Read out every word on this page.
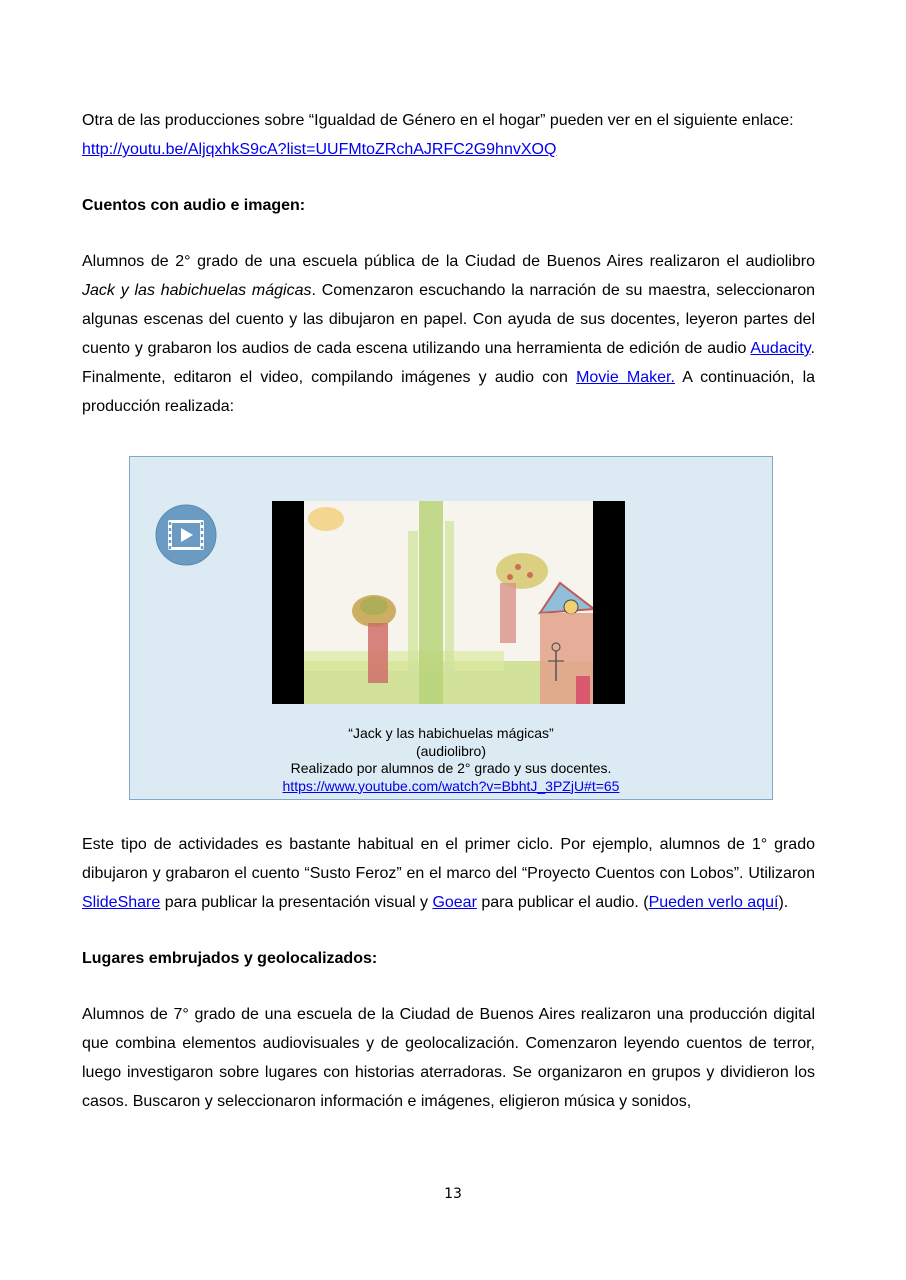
Otra de las producciones sobre “Igualdad de Género en el hogar” pueden ver en el siguiente enlace:
http://youtu.be/AljqxhkS9cA?list=UUFMtoZRchAJRFC2G9hnvXOQ

Cuentos con audio e imagen:

Alumnos de 2° grado de una escuela pública de la Ciudad de Buenos Aires realizaron el audiolibro Jack y las habichuelas mágicas. Comenzaron escuchando la narración de su maestra, seleccionaron algunas escenas del cuento y las dibujaron en papel. Con ayuda de sus docentes, leyeron partes del cuento y grabaron los audios de cada escena utilizando una herramienta de edición de audio Audacity. Finalmente, editaron el video, compilando imágenes y audio con Movie Maker. A continuación, la producción realizada:

“Jack y las habichuelas mágicas”
(audiolibro)
Realizado por alumnos de 2° grado y sus docentes.
https://www.youtube.com/watch?v=BbhtJ_3PZjU#t=65

Este tipo de actividades es bastante habitual en el primer ciclo. Por ejemplo, alumnos de 1° grado dibujaron y grabaron el cuento “Susto Feroz” en el marco del “Proyecto Cuentos con Lobos”. Utilizaron SlideShare para publicar la presentación visual y Goear para publicar el audio. (Pueden verlo aquí).

Lugares embrujados y geolocalizados:

Alumnos de 7° grado de una escuela de la Ciudad de Buenos Aires realizaron una producción digital que combina elementos audiovisuales y de geolocalización. Comenzaron leyendo cuentos de terror, luego investigaron sobre lugares con historias aterradoras. Se organizaron en grupos y dividieron los casos. Buscaron y seleccionaron información e imágenes, eligieron música y sonidos,

13
